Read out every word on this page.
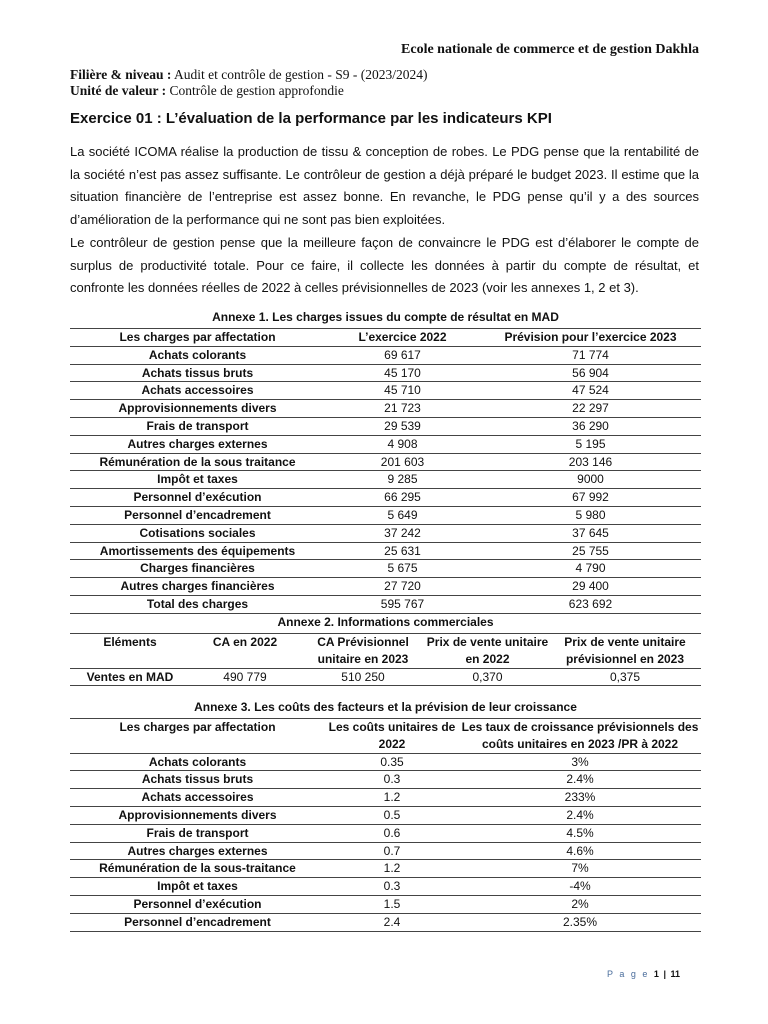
Ecole nationale de commerce et de gestion Dakhla
Filière & niveau : Audit et contrôle de gestion - S9 - (2023/2024)
Unité de valeur : Contrôle de gestion approfondie
Exercice 01 : L’évaluation de la performance par les indicateurs KPI
La société ICOMA réalise la production de tissu & conception de robes. Le PDG pense que la rentabilité de la société n’est pas assez suffisante. Le contrôleur de gestion a déjà préparé le budget 2023. Il estime que la situation financière de l’entreprise est assez bonne. En revanche, le PDG pense qu’il y a des sources d’amélioration de la performance qui ne sont pas bien exploitées.
Le contrôleur de gestion pense que la meilleure façon de convaincre le PDG est d’élaborer le compte de surplus de productivité totale. Pour ce faire, il collecte les données à partir du compte de résultat, et confronte les données réelles de 2022 à celles prévisionnelles de 2023 (voir les annexes 1, 2 et 3).
Annexe 1. Les charges issues du compte de résultat en MAD
Les charges par affectation	L’exercice 2022	Prévision pour l’exercice 2023
Achats colorants	69 617	71 774
Achats tissus bruts	45 170	56 904
Achats accessoires	45 710	47 524
Approvisionnements divers	21 723	22 297
Frais de transport	29 539	36 290
Autres charges externes	4 908	5 195
Rémunération de la sous traitance	201 603	203 146
Impôt et taxes	9 285	9000
Personnel d’exécution	66 295	67 992
Personnel d’encadrement	5 649	5 980
Cotisations sociales	37 242	37 645
Amortissements des équipements	25 631	25 755
Charges financières	5 675	4 790
Autres charges financières	27 720	29 400
Total des charges	595 767	623 692
Annexe 2. Informations commerciales
Eléments	CA en 2022	CA Prévisionnel unitaire en 2023	Prix de vente unitaire en 2022	Prix de vente unitaire prévisionnel en 2023
Ventes en MAD	490 779	510 250	0,370	0,375
Annexe 3. Les coûts des facteurs et la prévision de leur croissance
Les charges par affectation	Les coûts unitaires de 2022	Les taux de croissance prévisionnels des coûts unitaires en 2023 /PR à 2022
Achats colorants	0.35	3%
Achats tissus bruts	0.3	2.4%
Achats accessoires	1.2	233%
Approvisionnements divers	0.5	2.4%
Frais de transport	0.6	4.5%
Autres charges externes	0.7	4.6%
Rémunération de la sous-traitance	1.2	7%
Impôt et taxes	0.3	-4%
Personnel d’exécution	1.5	2%
Personnel d’encadrement	2.4	2.35%
P a g e 1 | 11
